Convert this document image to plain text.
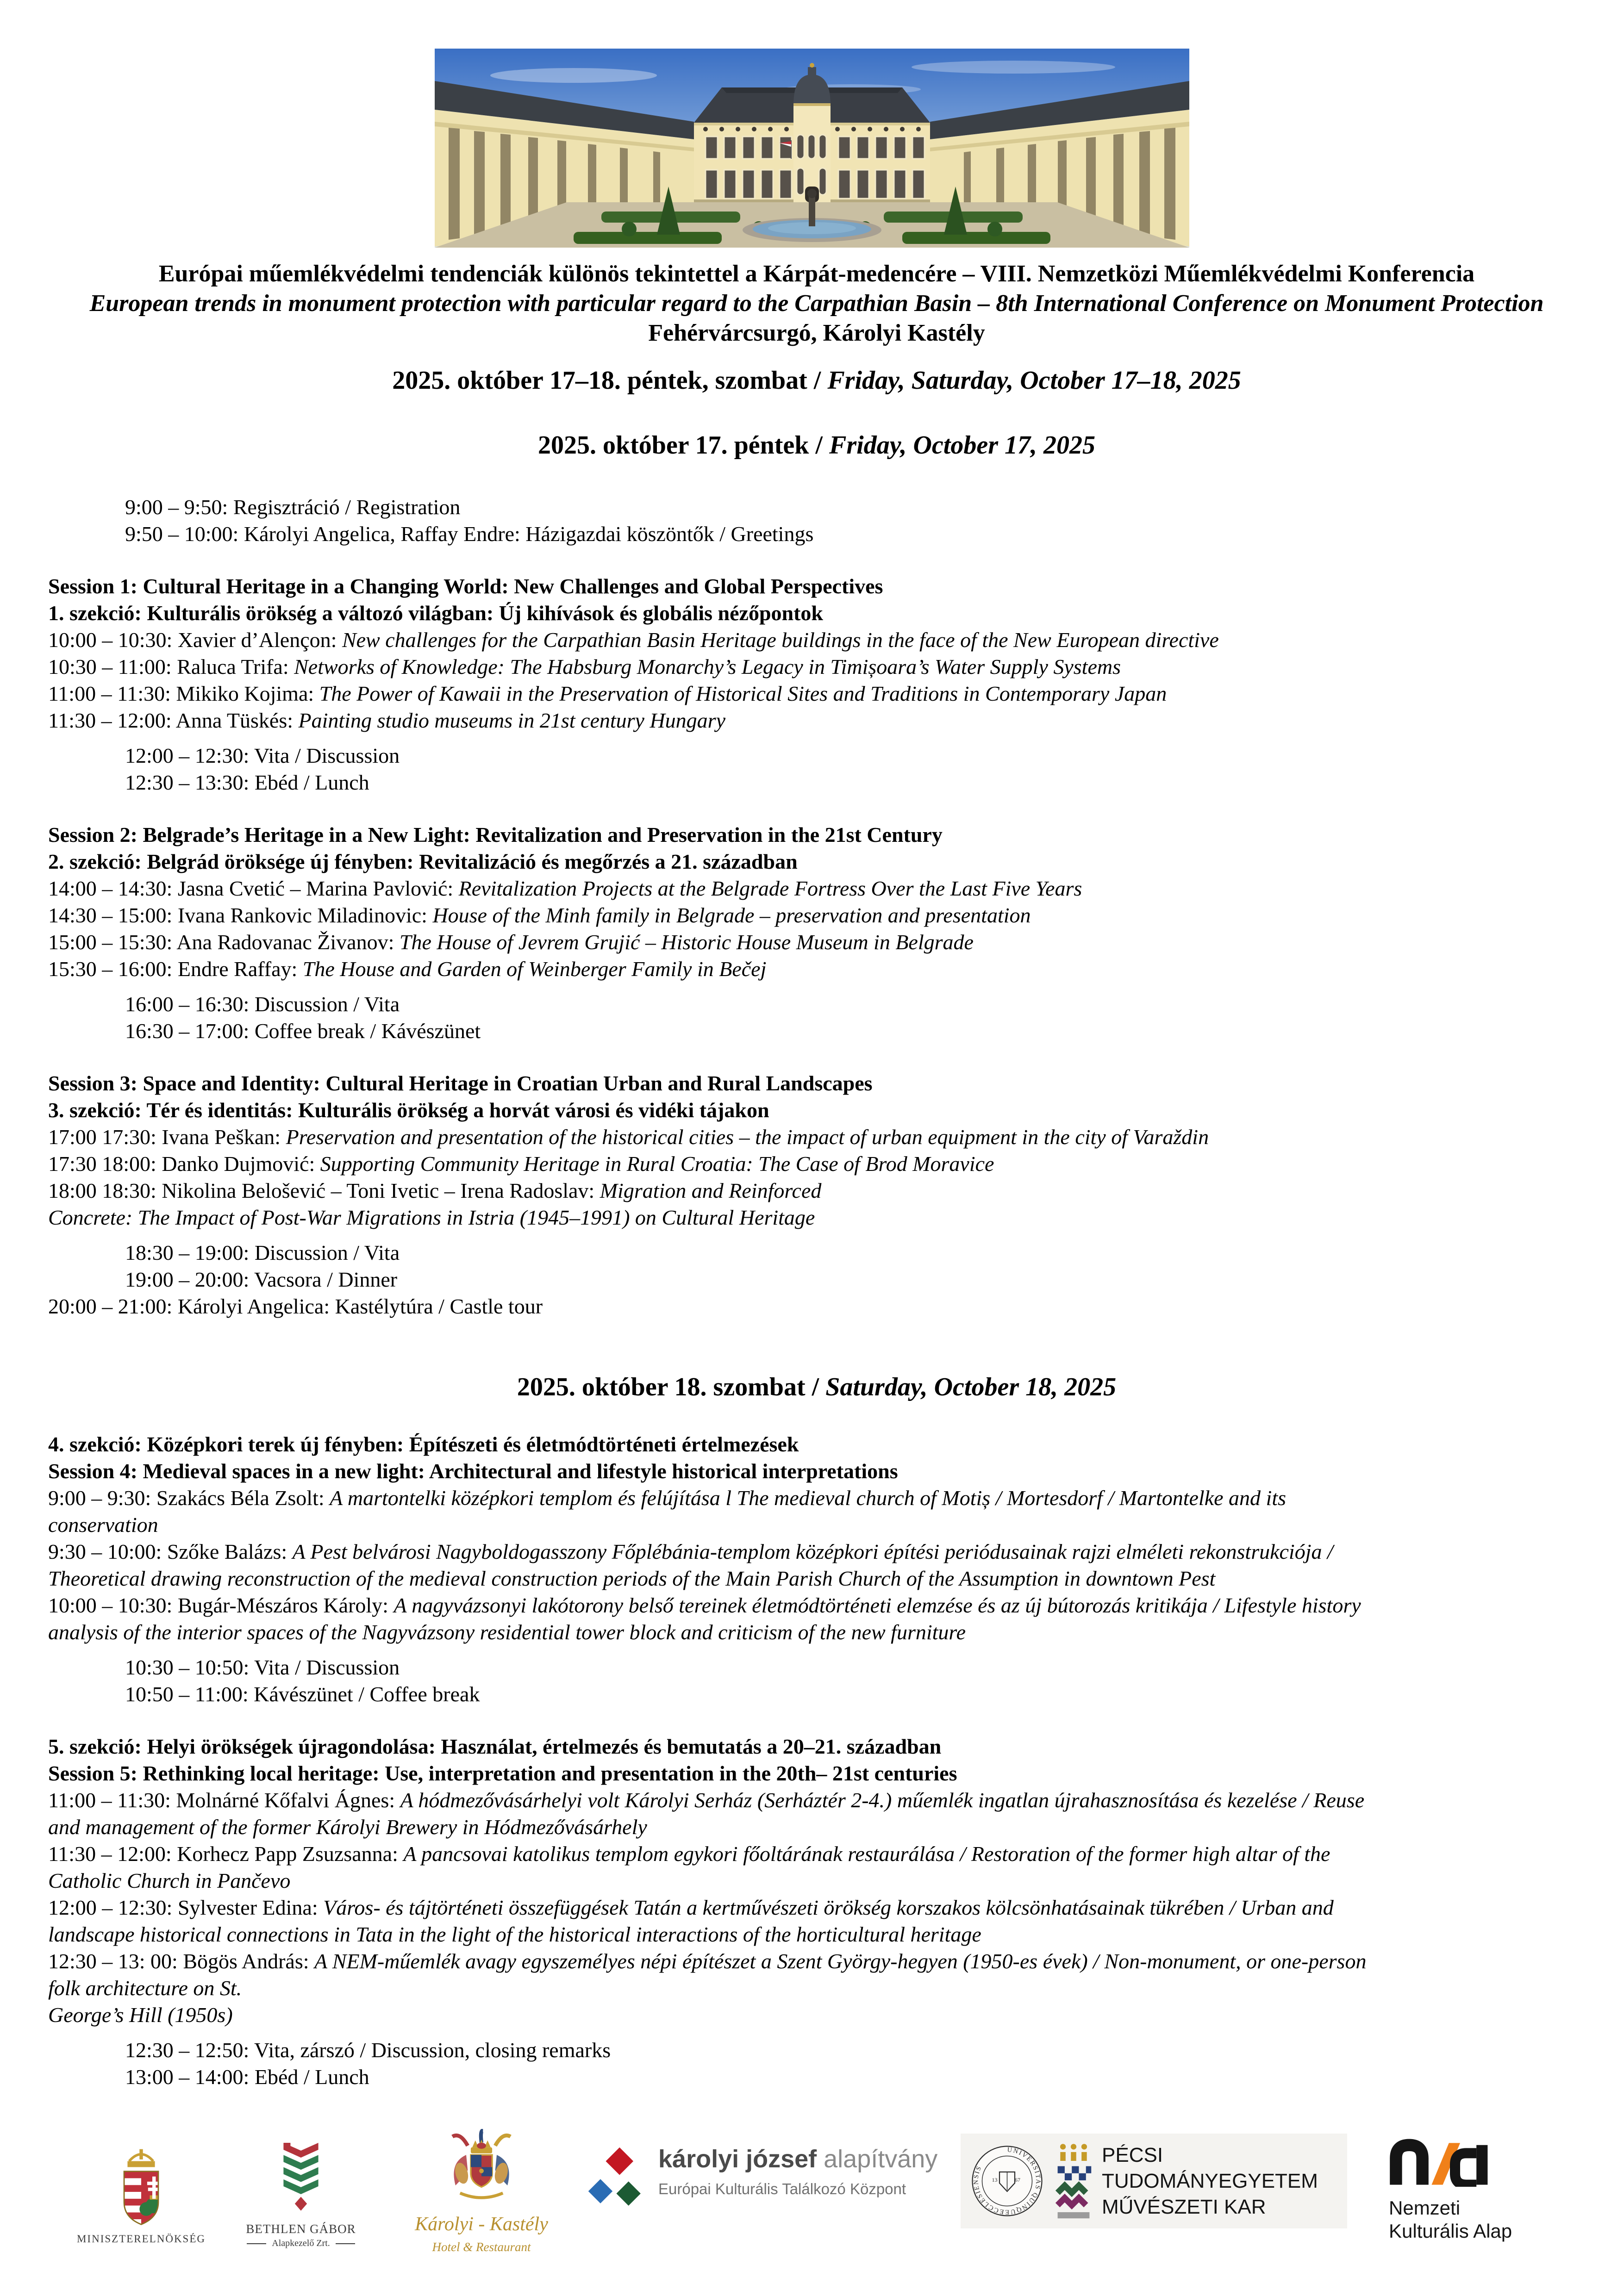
Európai műemlékvédelmi tendenciák különös tekintettel a Kárpát-medencére – VIII. Nemzetközi Műemlékvédelmi Konferencia

European trends in monument protection with particular regard to the Carpathian Basin – 8th International Conference on Monument Protection

Fehérvárcsurgó, Károlyi Kastély

2025. október 17–18. péntek, szombat / Friday, Saturday, October 17–18, 2025

2025. október 17. péntek / Friday, October 17, 2025

9:00 – 9:50: Regisztráció / Registration

9:50 – 10:00: Károlyi Angelica, Raffay Endre: Házigazdai köszöntők / Greetings

Session 1: Cultural Heritage in a Changing World: New Challenges and Global Perspectives

1. szekció: Kulturális örökség a változó világban: Új kihívások és globális nézőpontok

10:00 – 10:30: Xavier d’Alençon: New challenges for the Carpathian Basin Heritage buildings in the face of the New European directive

10:30 – 11:00: Raluca Trifa: Networks of Knowledge: The Habsburg Monarchy’s Legacy in Timișoara’s Water Supply Systems

11:00 – 11:30: Mikiko Kojima: The Power of Kawaii in the Preservation of Historical Sites and Traditions in Contemporary Japan

11:30 – 12:00: Anna Tüskés: Painting studio museums in 21st century Hungary

12:00 – 12:30: Vita / Discussion

12:30 – 13:30: Ebéd / Lunch

Session 2: Belgrade’s Heritage in a New Light: Revitalization and Preservation in the 21st Century

2. szekció: Belgrád öröksége új fényben: Revitalizáció és megőrzés a 21. században

14:00 – 14:30: Jasna Cvetić – Marina Pavlović: Revitalization Projects at the Belgrade Fortress Over the Last Five Years

14:30 – 15:00: Ivana Rankovic Miladinovic: House of the Minh family in Belgrade – preservation and presentation

15:00 – 15:30: Ana Radovanac Živanov: The House of Jevrem Grujić – Historic House Museum in Belgrade

15:30 – 16:00: Endre Raffay: The House and Garden of Weinberger Family in Bečej

16:00 – 16:30: Discussion / Vita

16:30 – 17:00: Coffee break / Kávészünet

Session 3: Space and Identity: Cultural Heritage in Croatian Urban and Rural Landscapes

3. szekció: Tér és identitás: Kulturális örökség a horvát városi és vidéki tájakon

17:00 17:30: Ivana Peškan: Preservation and presentation of the historical cities – the impact of urban equipment in the city of Varaždin

17:30 18:00: Danko Dujmović: Supporting Community Heritage in Rural Croatia: The Case of Brod Moravice

18:00 18:30: Nikolina Belošević – Toni Ivetic – Irena Radoslav: Migration and Reinforced

Concrete: The Impact of Post-War Migrations in Istria (1945–1991) on Cultural Heritage

18:30 – 19:00: Discussion / Vita

19:00 – 20:00: Vacsora / Dinner

20:00 – 21:00: Károlyi Angelica: Kastélytúra / Castle tour

2025. október 18. szombat / Saturday, October 18, 2025

4. szekció: Középkori terek új fényben: Építészeti és életmódtörténeti értelmezések

Session 4: Medieval spaces in a new light: Architectural and lifestyle historical interpretations

9:00 – 9:30: Szakács Béla Zsolt: A martontelki középkori templom és felújítása l The medieval church of Motiș / Mortesdorf / Martontelke and its

conservation

9:30 – 10:00: Szőke Balázs: A Pest belvárosi Nagyboldogasszony Főplébánia-templom középkori építési periódusainak rajzi elméleti rekonstrukciója /

Theoretical drawing reconstruction of the medieval construction periods of the Main Parish Church of the Assumption in downtown Pest

10:00 – 10:30: Bugár-Mészáros Károly: A nagyvázsonyi lakótorony belső tereinek életmódtörténeti elemzése és az új bútorozás kritikája / Lifestyle history

analysis of the interior spaces of the Nagyvázsony residential tower block and criticism of the new furniture

10:30 – 10:50: Vita / Discussion

10:50 – 11:00: Kávészünet / Coffee break

5. szekció: Helyi örökségek újragondolása: Használat, értelmezés és bemutatás a 20–21. században

Session 5: Rethinking local heritage: Use, interpretation and presentation in the 20th– 21st centuries

11:00 – 11:30: Molnárné Kőfalvi Ágnes: A hódmezővásárhelyi volt Károlyi Serház (Serháztér 2-4.) műemlék ingatlan újrahasznosítása és kezelése / Reuse

and management of the former Károlyi Brewery in Hódmezővásárhely

11:30 – 12:00: Korhecz Papp Zsuzsanna: A pancsovai katolikus templom egykori főoltárának restaurálása / Restoration of the former high altar of the

Catholic Church in Pančevo

12:00 – 12:30: Sylvester Edina: Város- és tájtörténeti összefüggések Tatán a kertművészeti örökség korszakos kölcsönhatásainak tükrében / Urban and

landscape historical connections in Tata in the light of the historical interactions of the horticultural heritage

12:30 – 13: 00: Bögös András: A NEM-műemlék avagy egyszemélyes népi építészet a Szent György-hegyen (1950-es évek) / Non-monument, or one-person

folk architecture on St.

George’s Hill (1950s)

12:30 – 12:50: Vita, zárszó / Discussion, closing remarks

13:00 – 14:00: Ebéd / Lunch

MINISZTERELNÖKSÉG
BETHLEN GÁBOR
Alapkezelő Zrt.
Károlyi - Kastély
Hotel & Restaurant
károlyi józsef alapítvány
Európai Kulturális Találkozó Központ
UNIVERSITAS QUINQUEECCLESIENSIS
13	67
PÉCSI
TUDOMÁNYEGYETEM
MŰVÉSZETI KAR	Nemzeti
Kulturális Alap
